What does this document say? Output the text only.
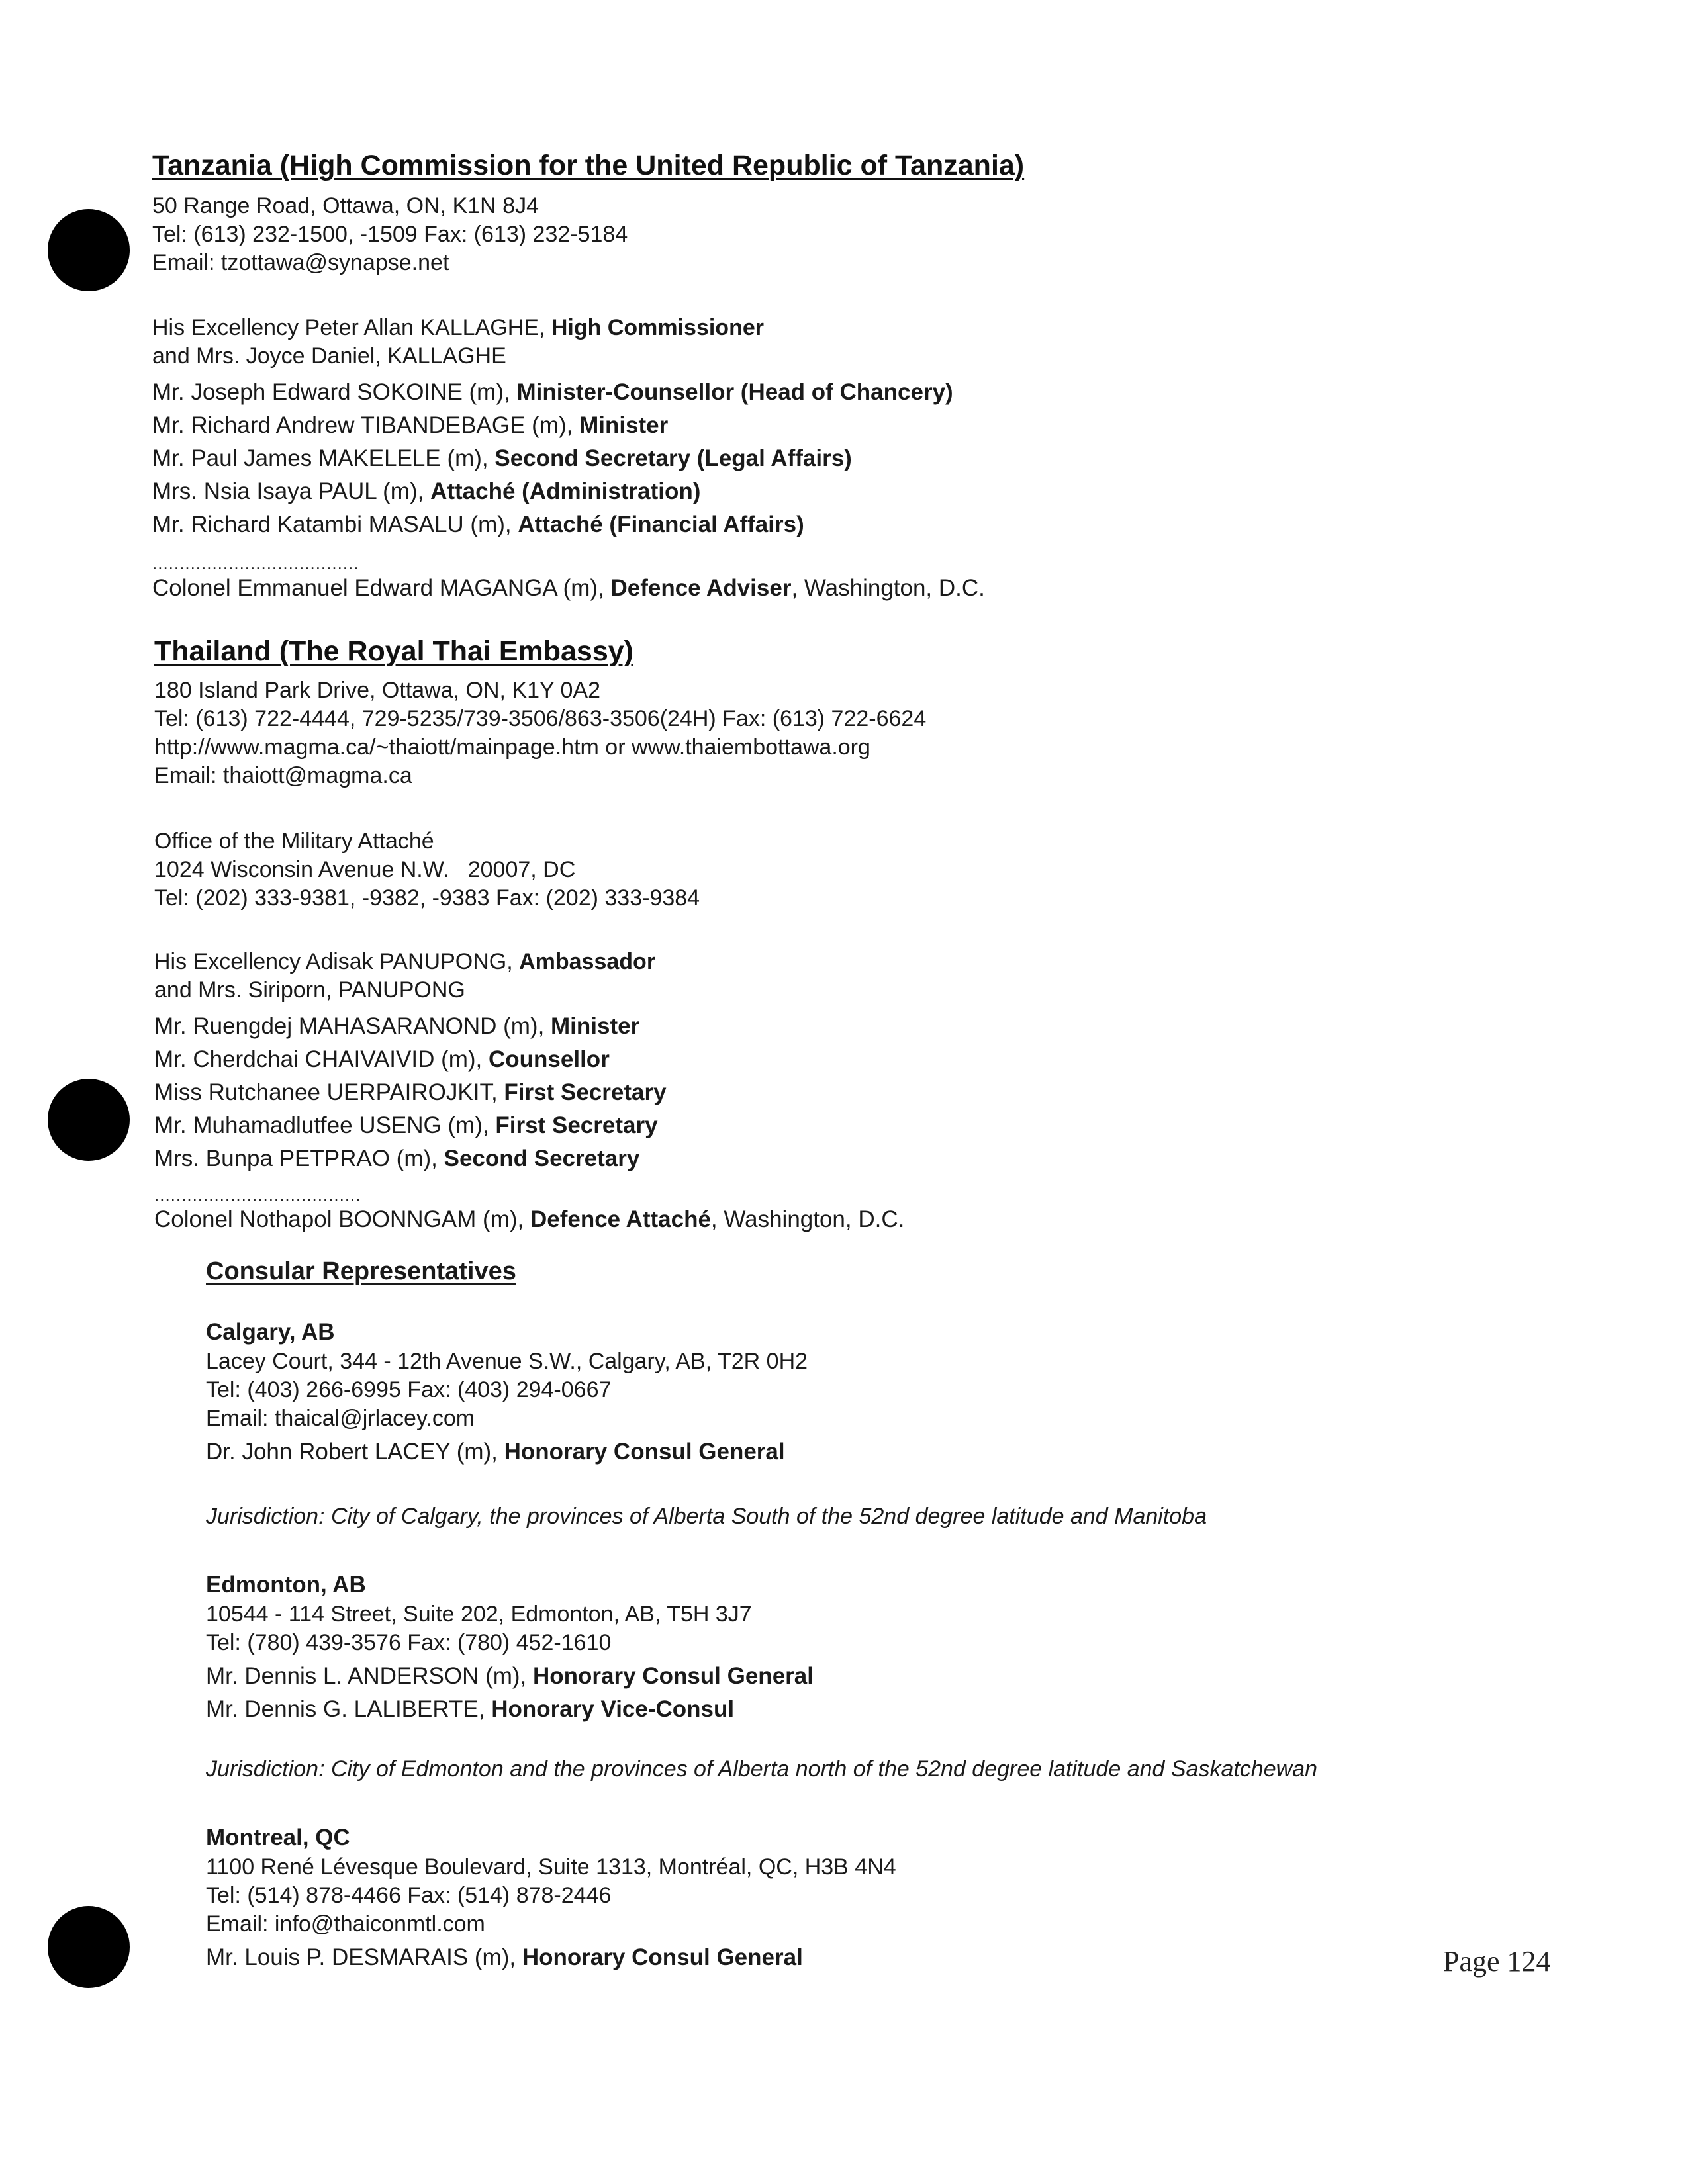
Tanzania (High Commission for the United Republic of Tanzania)
50 Range Road, Ottawa, ON, K1N 8J4
Tel: (613) 232-1500, -1509 Fax: (613) 232-5184
Email: tzottawa@synapse.net
His Excellency Peter Allan KALLAGHE, High Commissioner
and Mrs. Joyce Daniel, KALLAGHE
Mr. Joseph Edward SOKOINE (m), Minister-Counsellor (Head of Chancery)
Mr. Richard Andrew TIBANDEBAGE (m), Minister
Mr. Paul James MAKELELE (m), Second Secretary (Legal Affairs)
Mrs. Nsia Isaya PAUL (m), Attaché (Administration)
Mr. Richard Katambi MASALU (m), Attaché (Financial Affairs)
......................................
Colonel Emmanuel Edward MAGANGA (m), Defence Adviser, Washington, D.C.
Thailand (The Royal Thai Embassy)
180 Island Park Drive, Ottawa, ON, K1Y 0A2
Tel: (613) 722-4444, 729-5235/739-3506/863-3506(24H) Fax: (613) 722-6624
http://www.magma.ca/~thaiott/mainpage.htm or www.thaiembottawa.org
Email: thaiott@magma.ca
Office of the Military Attaché
1024 Wisconsin Avenue N.W.   20007, DC
Tel: (202) 333-9381, -9382, -9383 Fax: (202) 333-9384
His Excellency Adisak PANUPONG, Ambassador
and Mrs. Siriporn, PANUPONG
Mr. Ruengdej MAHASARANOND (m), Minister
Mr. Cherdchai CHAIVAIVID (m), Counsellor
Miss Rutchanee UERPAIROJKIT, First Secretary
Mr. Muhamadlutfee USENG (m), First Secretary
Mrs. Bunpa PETPRAO (m), Second Secretary
......................................
Colonel Nothapol BOONNGAM (m), Defence Attaché, Washington, D.C.
Consular Representatives
Calgary, AB
Lacey Court, 344 - 12th Avenue S.W., Calgary, AB, T2R 0H2
Tel: (403) 266-6995 Fax: (403) 294-0667
Email: thaical@jrlacey.com
Dr. John Robert LACEY (m), Honorary Consul General
Jurisdiction: City of Calgary, the provinces of Alberta South of the 52nd degree latitude and Manitoba
Edmonton, AB
10544 - 114 Street, Suite 202, Edmonton, AB, T5H 3J7
Tel: (780) 439-3576 Fax: (780) 452-1610
Mr. Dennis L. ANDERSON (m), Honorary Consul General
Mr. Dennis G. LALIBERTE, Honorary Vice-Consul
Jurisdiction: City of Edmonton and the provinces of Alberta north of the 52nd degree latitude and Saskatchewan
Montreal, QC
1100 René Lévesque Boulevard, Suite 1313, Montréal, QC, H3B 4N4
Tel: (514) 878-4466 Fax: (514) 878-2446
Email: info@thaiconmtl.com
Mr. Louis P. DESMARAIS (m), Honorary Consul General	Page 124
